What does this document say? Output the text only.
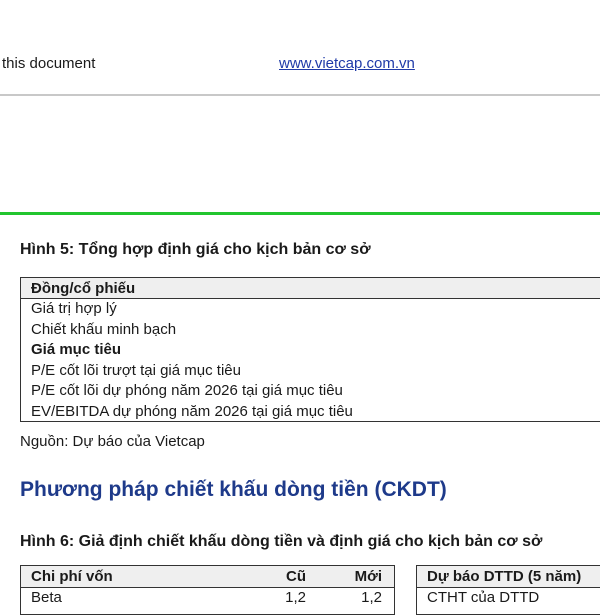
this document	www.vietcap.com.vn
Hình 5: Tổng hợp định giá cho kịch bản cơ sở
Đồng/cổ phiếu
Giá trị hợp lý
Chiết khấu minh bạch
Giá mục tiêu
P/E cốt lõi trượt tại giá mục tiêu
P/E cốt lõi dự phóng năm 2026 tại giá mục tiêu
EV/EBITDA dự phóng năm 2026 tại giá mục tiêu
Nguồn: Dự báo của Vietcap
Phương pháp chiết khấu dòng tiền (CKDT)
Hình 6: Giả định chiết khấu dòng tiền và định giá cho kịch bản cơ sở
Chi phí vốn	Cũ	Mới
Beta	1,2	1,2
Dự báo DTTD (5 năm)
CTHT của DTTD
